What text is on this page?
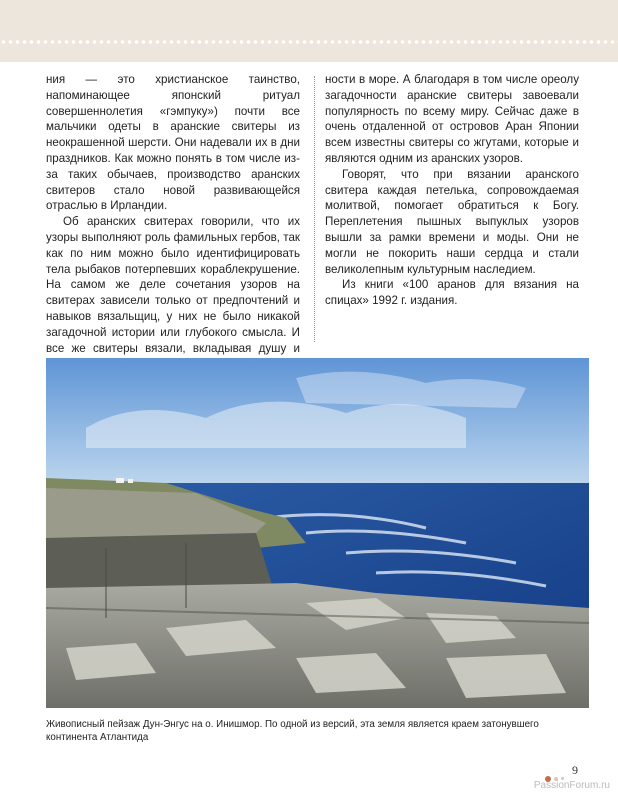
ния — это христианское таинство, напоминающее японский ритуал совершеннолетия «гэмпуку») почти все мальчики одеты в аранские свитеры из неокрашенной шерсти. Они надевали их в дни праздников. Как можно понять в том числе из-за таких обычаев, производство аранских свитеров стало новой развивающейся отраслью в Ирландии.

Об аранских свитерах говорили, что их узоры выполняют роль фамильных гербов, так как по ним можно было идентифицировать тела рыбаков потерпевших кораблекрушение. На самом же деле сочетания узоров на свитерах зависели только от предпочтений и навыков вязальщиц, у них не было никакой загадочной истории или глубокого смысла. И все же свитеры вязали, вкладывая душу и

ности в море. А благодаря в том числе ореолу загадочности аранские свитеры завоевали популярность по всему миру. Сейчас даже в очень отдаленной от островов Аран Японии всем известны свитеры со жгутами, которые и являются одним из аранских узоров.

Говорят, что при вязании аранского свитера каждая петелька, сопровождаемая молитвой, помогает обратиться к Богу. Переплетения пышных выпуклых узоров вышли за рамки времени и моды. Они не могли не покорить наши сердца и стали великолепным культурным наследием.

Из книги «100 аранов для вязания на спицах» 1992 г. издания.

Живописный пейзаж Дун-Энгус на о. Инишмор. По одной из версий, эта земля является краем затонувшего континента Атлантида
9
PassionForum.ru
